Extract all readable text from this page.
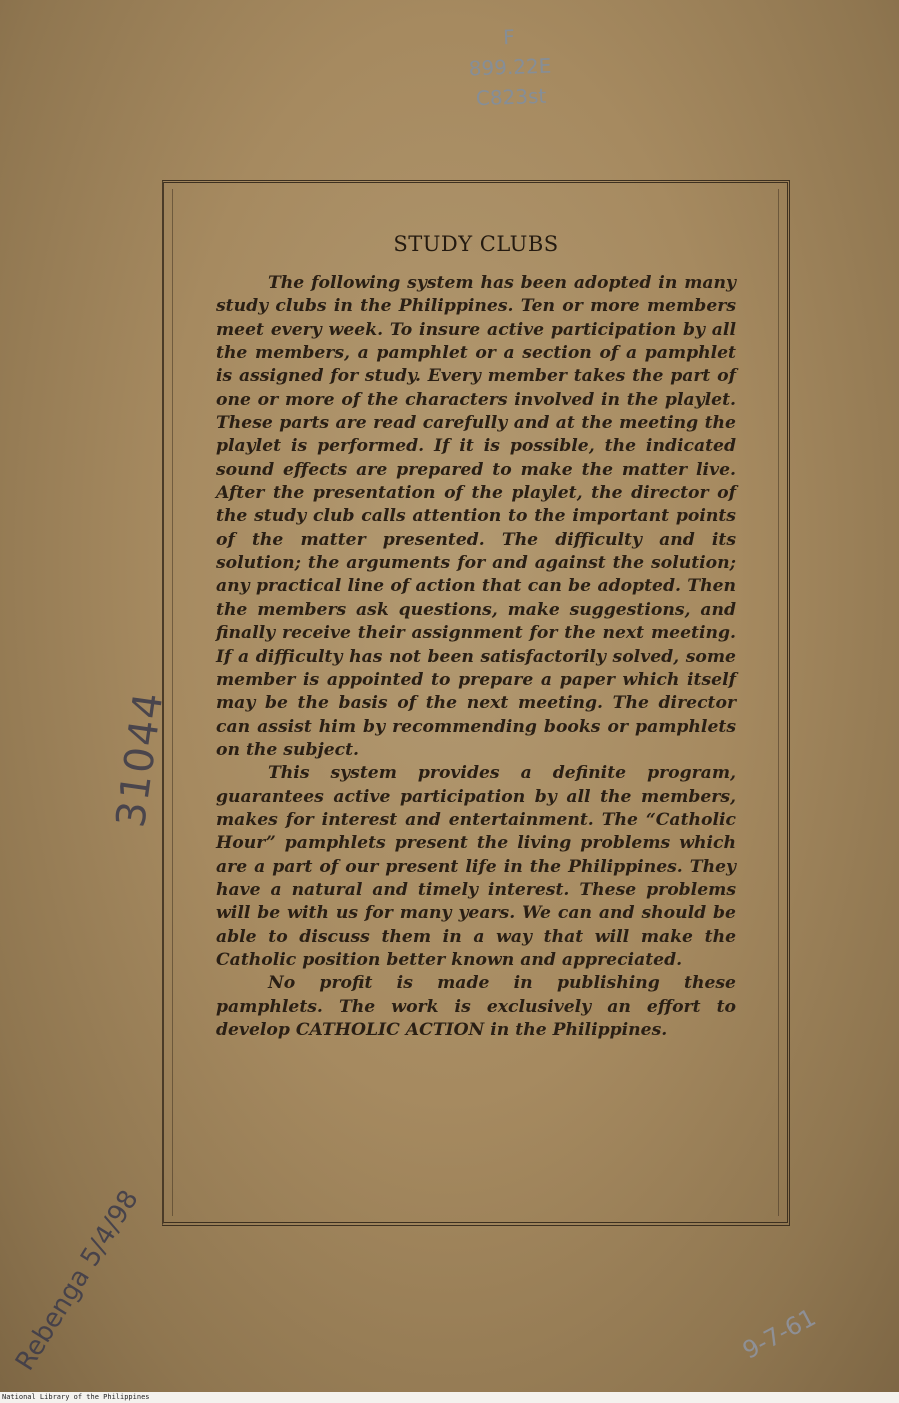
F
899.22E
C823st
STUDY CLUBS

The following system has been adopted in many study clubs in the Philippines. Ten or more members meet every week. To insure active participation by all the members, a pamphlet or a section of a pamphlet is assigned for study. Every member takes the part of one or more of the characters involved in the playlet. These parts are read carefully and at the meeting the playlet is performed. If it is possible, the indicated sound effects are prepared to make the matter live. After the presentation of the playlet, the director of the study club calls attention to the important points of the matter presented. The difficulty and its solution; the arguments for and against the solution; any practical line of action that can be adopted. Then the members ask questions, make suggestions, and finally receive their assignment for the next meeting. If a difficulty has not been satisfactorily solved, some member is appointed to prepare a paper which itself may be the basis of the next meeting. The director can assist him by recommending books or pamphlets on the subject.

This system provides a definite program, guarantees active participation by all the members, makes for interest and entertainment. The “Catholic Hour” pamphlets present the living problems which are a part of our present life in the Philippines. They have a natural and timely interest. These problems will be with us for many years. We can and should be able to discuss them in a way that will make the Catholic position better known and appreciated.

No profit is made in publishing these pamphlets. The work is exclusively an effort to develop CATHOLIC ACTION in the Philippines.

31044
Rebenga 5/4/98	9-7-61
National Library of the Philippines
